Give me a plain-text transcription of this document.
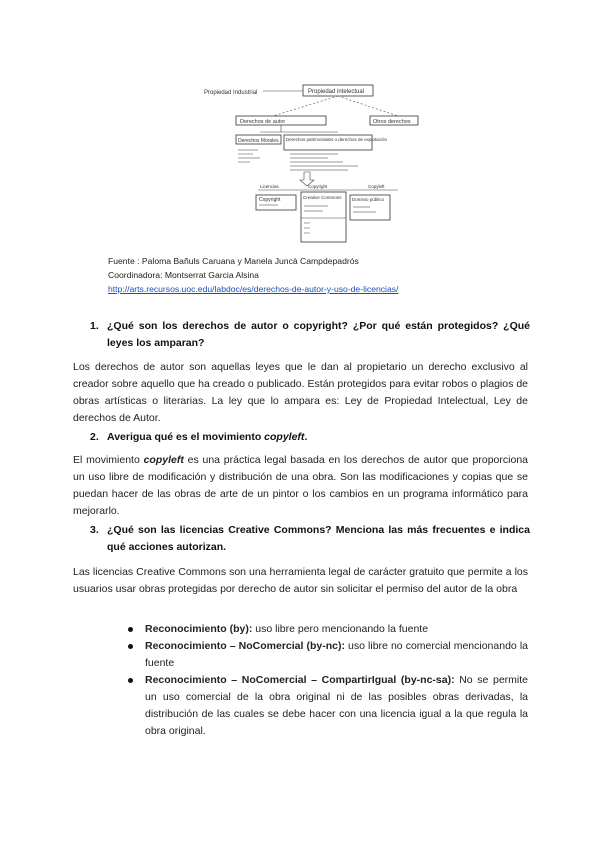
Propiedad Industrial	Propiedad intelectual
Derechos de autor	Otros derechos
Derechos Morales Derechos patrimoniales o derechos de explotación
Licencias	Copyright	Copyleft
Copyright	Creative Commons Dominio público
Fuente : Paloma Bañuls Caruana y Manela Juncà Campdepadrós
Coordinadora: Montserrat Garcia Alsina
http://arts.recursos.uoc.edu/labdoc/es/derechos-de-autor-y-uso-de-licencias/
1. ¿Qué son los derechos de autor o copyright? ¿Por qué están protegidos? ¿Qué leyes los amparan?
Los derechos de autor son aquellas leyes que le dan al propietario un derecho exclusivo al creador sobre aquello que ha creado o publicado. Están protegidos para evitar robos o plagios de obras artísticas o literarias. La ley que lo ampara es: Ley de Propiedad Intelectual, Ley de derechos de Autor.
2. Averigua qué es el movimiento copyleft.
El movimiento copyleft es una práctica legal basada en los derechos de autor que proporciona un uso libre de modificación y distribución de una obra. Son las modificaciones y copias que se puedan hacer de las obras de arte de un pintor o los cambios en un programa informático para mejorarlo.
3. ¿Qué son las licencias Creative Commons? Menciona las más frecuentes e indica qué acciones autorizan.
Las licencias Creative Commons son una herramienta legal de carácter gratuito que permite a los usuarios usar obras protegidas por derecho de autor sin solicitar el permiso del autor de la obra
Reconocimiento (by): uso libre pero mencionando la fuente
Reconocimiento – NoComercial (by-nc): uso libre no comercial mencionando la fuente
Reconocimiento – NoComercial – CompartirIgual (by-nc-sa): No se permite un uso comercial de la obra original ni de las posibles obras derivadas, la distribución de las cuales se debe hacer con una licencia igual a la que regula la obra original.
